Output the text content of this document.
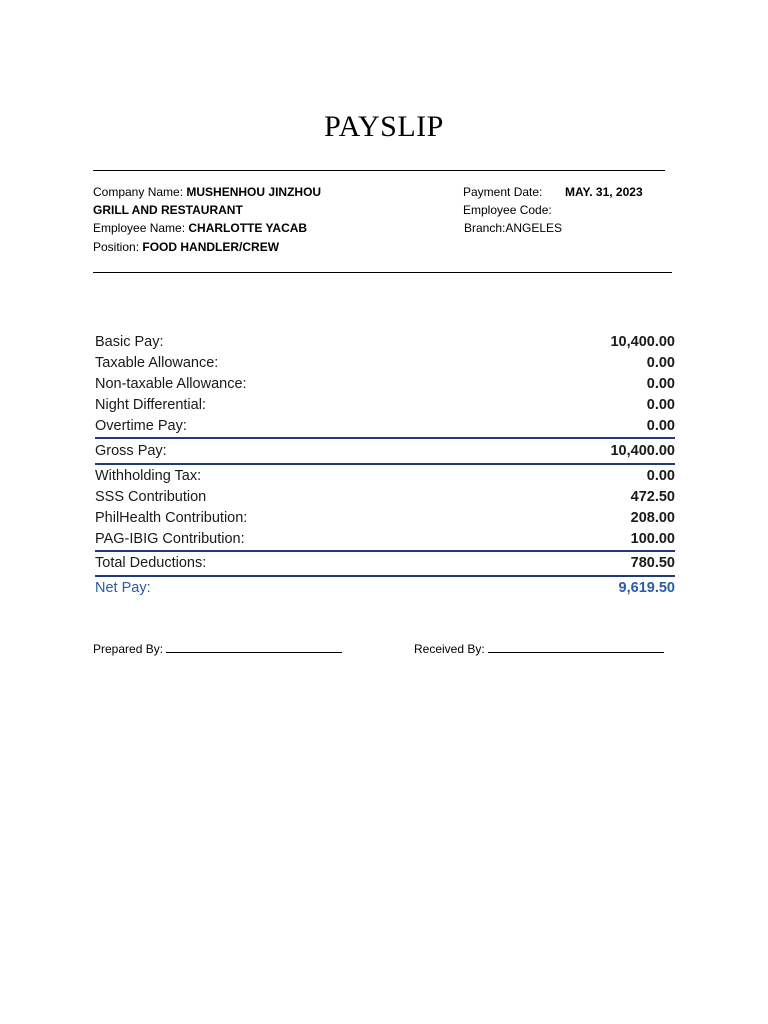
PAYSLIP
Company Name: MUSHENHOU JINZHOU
GRILL AND RESTAURANT
Employee Name: CHARLOTTE YACAB
Position: FOOD HANDLER/CREW
Payment Date: MAY. 31, 2023
Employee Code:
Branch:ANGELES
Basic Pay:	10,400.00
Taxable Allowance:	0.00
Non-taxable Allowance:	0.00
Night Differential:	0.00
Overtime Pay:	0.00
Gross Pay:	10,400.00
Withholding Tax:	0.00
SSS Contribution	472.50
PhilHealth Contribution:	208.00
PAG-IBIG Contribution:	100.00
Total Deductions:	780.50
Net Pay:	9,619.50
Prepared By:	Received By:
